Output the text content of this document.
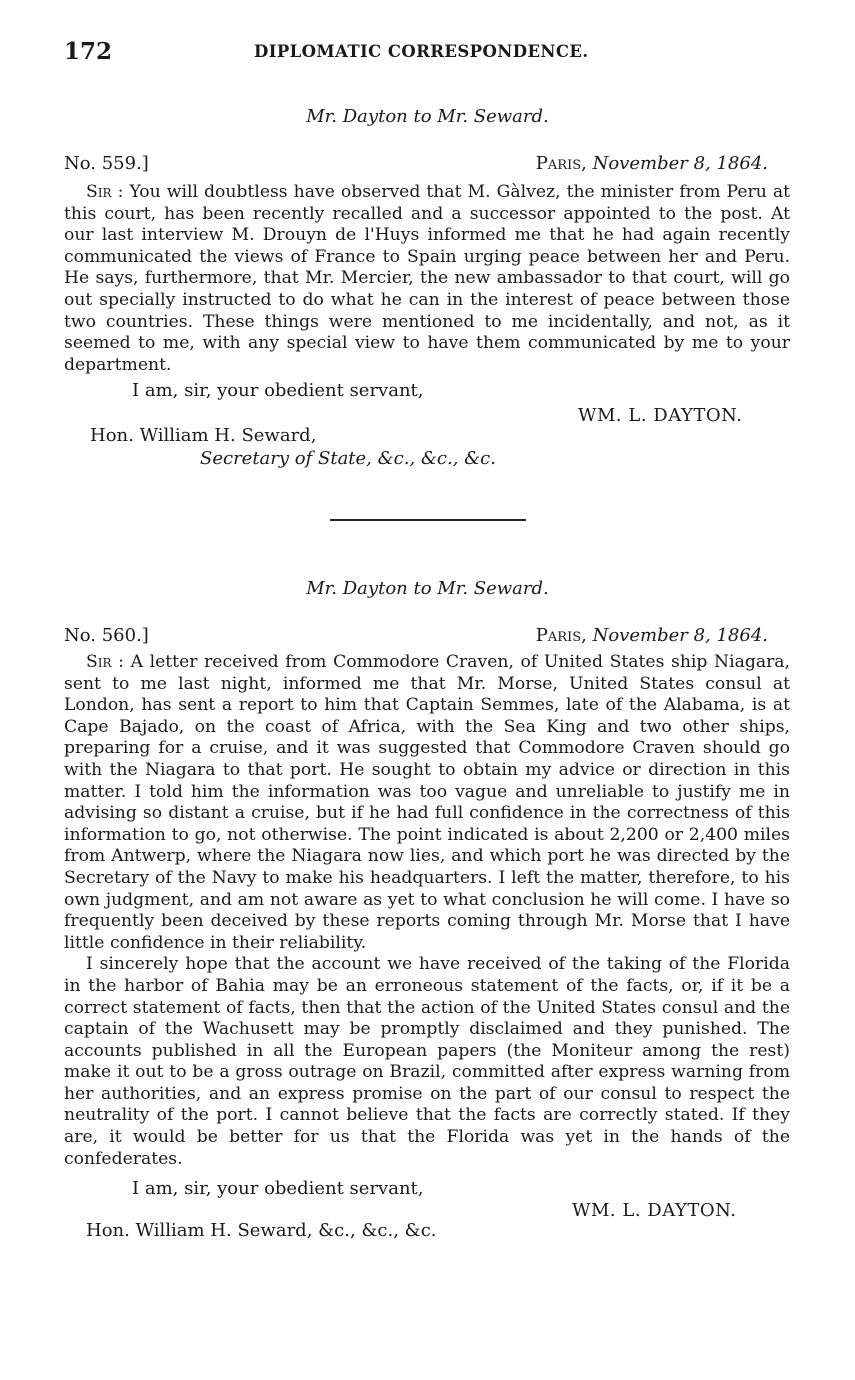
172	DIPLOMATIC CORRESPONDENCE.
Mr. Dayton to Mr. Seward.
No. 559.]	Paris, November 8, 1864.

Sir : You will doubtless have observed that M. Gàlvez, the minister from Peru at this court, has been recently recalled and a successor appointed to the post. At our last interview M. Drouyn de l'Huys informed me that he had again recently communicated the views of France to Spain urging peace between her and Peru. He says, furthermore, that Mr. Mercier, the new ambassador to that court, will go out specially instructed to do what he can in the interest of peace between those two countries. These things were mentioned to me incidentally, and not, as it seemed to me, with any special view to have them communicated by me to your department.

I am, sir, your obedient servant,
WM. L. DAYTON.
Hon. William H. Seward,
Secretary of State, &c., &c., &c.
Mr. Dayton to Mr. Seward.
No. 560.]	Paris, November 8, 1864.

Sir : A letter received from Commodore Craven, of United States ship Niagara, sent to me last night, informed me that Mr. Morse, United States consul at London, has sent a report to him that Captain Semmes, late of the Alabama, is at Cape Bajado, on the coast of Africa, with the Sea King and two other ships, preparing for a cruise, and it was suggested that Commodore Craven should go with the Niagara to that port. He sought to obtain my advice or direction in this matter. I told him the information was too vague and unreliable to justify me in advising so distant a cruise, but if he had full confidence in the correctness of this information to go, not otherwise. The point indicated is about 2,200 or 2,400 miles from Antwerp, where the Niagara now lies, and which port he was directed by the Secretary of the Navy to make his headquarters. I left the matter, therefore, to his own judgment, and am not aware as yet to what conclusion he will come. I have so frequently been deceived by these reports coming through Mr. Morse that I have little confidence in their reliability.

I sincerely hope that the account we have received of the taking of the Florida in the harbor of Bahia may be an erroneous statement of the facts, or, if it be a correct statement of facts, then that the action of the United States consul and the captain of the Wachusett may be promptly disclaimed and they punished. The accounts published in all the European papers (the Moniteur among the rest) make it out to be a gross outrage on Brazil, committed after express warning from her authorities, and an express promise on the part of our consul to respect the neutrality of the port. I cannot believe that the facts are correctly stated. If they are, it would be better for us that the Florida was yet in the hands of the confederates.

I am, sir, your obedient servant,
WM. L. DAYTON.
Hon. William H. Seward, &c., &c., &c.
